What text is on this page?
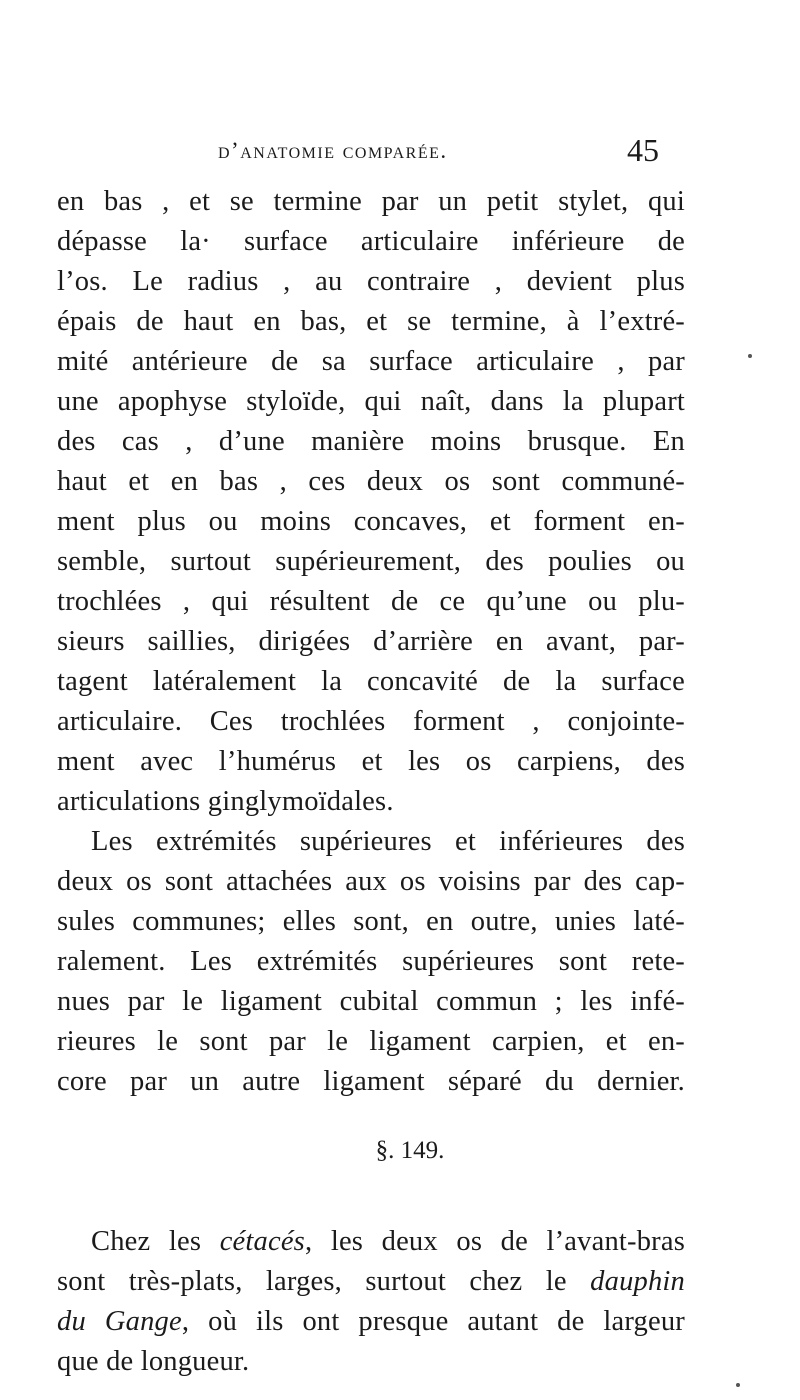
d’anatomie comparée.	45
en bas , et se termine par un petit stylet, qui
dépasse la· surface articulaire inférieure de
l’os. Le radius , au contraire , devient plus
épais de haut en bas, et se termine, à l’extré-
mité antérieure de sa surface articulaire , par
une apophyse styloïde, qui naît, dans la plupart
des cas , d’une manière moins brusque. En
haut et en bas , ces deux os sont communé-
ment plus ou moins concaves, et forment en-
semble, surtout supérieurement, des poulies ou
trochlées , qui résultent de ce qu’une ou plu-
sieurs saillies, dirigées d’arrière en avant, par-
tagent latéralement la concavité de la surface
articulaire. Ces trochlées forment , conjointe-
ment avec l’humérus et les os carpiens, des
articulations ginglymoïdales.
Les extrémités supérieures et inférieures des
deux os sont attachées aux os voisins par des cap-
sules communes; elles sont, en outre, unies laté-
ralement. Les extrémités supérieures sont rete-
nues par le ligament cubital commun ; les infé-
rieures le sont par le ligament carpien, et en-
core par un autre ligament séparé du dernier.
§. 149.
Chez les cétacés, les deux os de l’avant-bras
sont très-plats, larges, surtout chez le dauphin
du Gange, où ils ont presque autant de largeur
que de longueur.
